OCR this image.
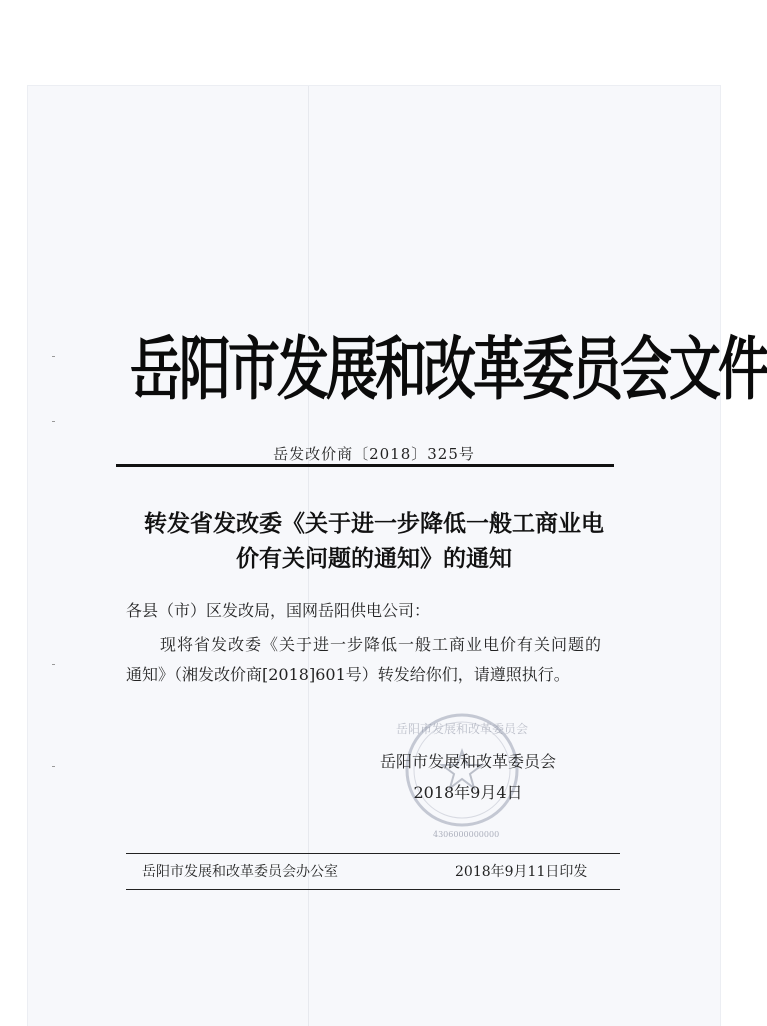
岳阳市发展和改革委员会文件
岳发改价商〔2018〕325号
转发省发改委《关于进一步降低一般工商业电
价有关问题的通知》的通知
各县（市）区发改局，国网岳阳供电公司：
现将省发改委《关于进一步降低一般工商业电价有关问题的
通知》（湘发改价商[2018]601号）转发给你们，请遵照执行。
岳阳市发展和改革委员会
岳阳市发展和改革委员会
2018年9月4日
4306000000000
岳阳市发展和改革委员会办公室	2018年9月11日印发
